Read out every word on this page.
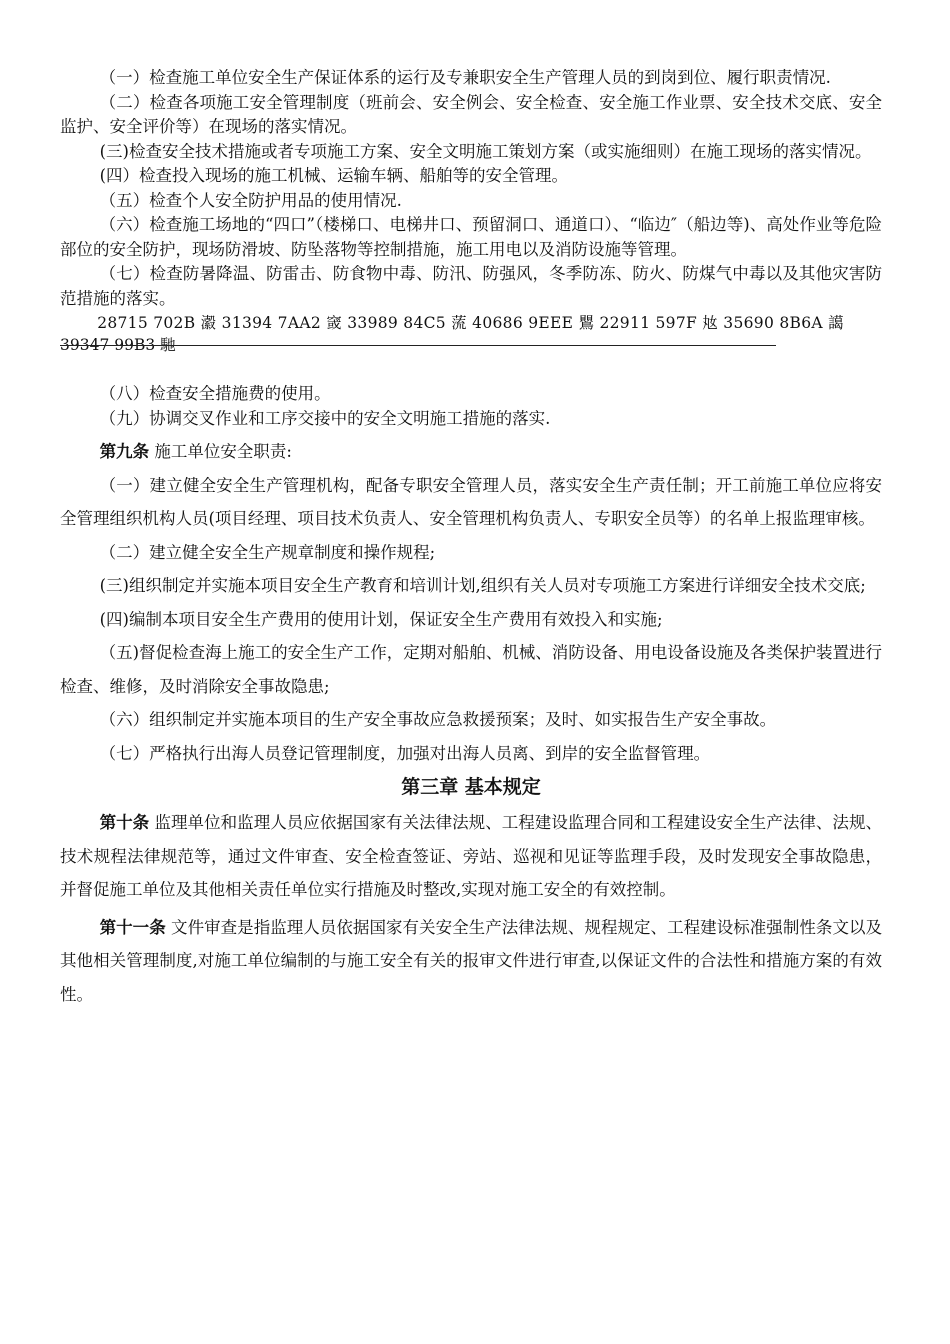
（一）检查施工单位安全生产保证体系的运行及专兼职安全生产管理人员的到岗到位、履行职责情况.

（二）检查各项施工安全管理制度（班前会、安全例会、安全检查、安全施工作业票、安全技术交底、安全监护、安全评价等）在现场的落实情况。

(三)检查安全技术措施或者专项施工方案、安全文明施工策划方案（或实施细则）在施工现场的落实情况。

(四）检查投入现场的施工机械、运输车辆、船舶等的安全管理。

（五）检查个人安全防护用品的使用情况.

（六）检查施工场地的“四口”（楼梯口、电梯井口、预留洞口、通道口）、“临边″（船边等)、高处作业等危险部位的安全防护，现场防滑坡、防坠落物等控制措施，施工用电以及消防设施等管理。

（七）检查防暑降温、防雷击、防食物中毒、防汛、防强风，冬季防冻、防火、防煤气中毒以及其他灾害防范措施的落实。

28715 702B 瀫 31394 7AA2 窢 33989 84C5 蓅 40686 9EEE 鸎 22911 597F 奿 35690 8B6A 譪

39347 99B3 馳

（八）检查安全措施费的使用。

（九）协调交叉作业和工序交接中的安全文明施工措施的落实.

第九条 施工单位安全职责:

（一）建立健全安全生产管理机构，配备专职安全管理人员，落实安全生产责任制；开工前施工单位应将安全管理组织机构人员(项目经理、项目技术负责人、安全管理机构负责人、专职安全员等）的名单上报监理审核。

（二）建立健全安全生产规章制度和操作规程;

(三)组织制定并实施本项目安全生产教育和培训计划,组织有关人员对专项施工方案进行详细安全技术交底;

(四)编制本项目安全生产费用的使用计划，保证安全生产费用有效投入和实施;

（五)督促检查海上施工的安全生产工作，定期对船舶、机械、消防设备、用电设备设施及各类保护装置进行检查、维修，及时消除安全事故隐患;

（六）组织制定并实施本项目的生产安全事故应急救援预案；及时、如实报告生产安全事故。

（七）严格执行出海人员登记管理制度，加强对出海人员离、到岸的安全监督管理。

第三章 基本规定

第十条 监理单位和监理人员应依据国家有关法律法规、工程建设监理合同和工程建设安全生产法律、法规、技术规程法律规范等，通过文件审查、安全检查签证、旁站、巡视和见证等监理手段，及时发现安全事故隐患，并督促施工单位及其他相关责任单位实行措施及时整改,实现对施工安全的有效控制。

第十一条 文件审查是指监理人员依据国家有关安全生产法律法规、规程规定、工程建设标准强制性条文以及其他相关管理制度,对施工单位编制的与施工安全有关的报审文件进行审查,以保证文件的合法性和措施方案的有效性。
